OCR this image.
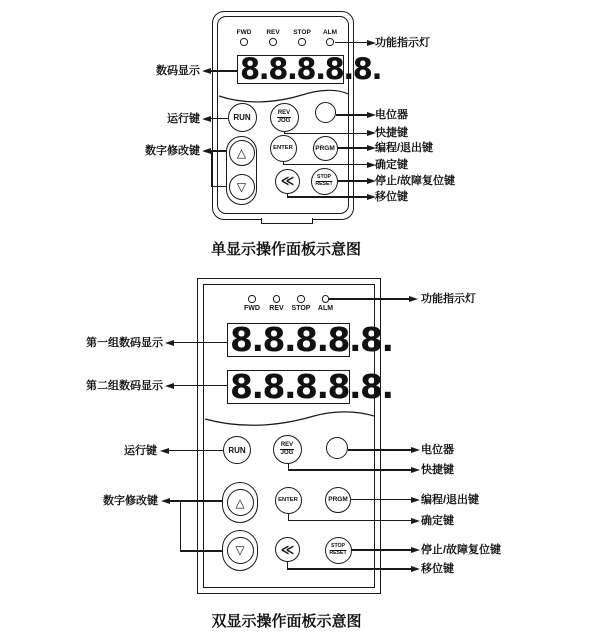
FWD REV STOP ALM
8.8.8.8.8.
RUN	REV
JOG
△
▽
ENTER	PRGM
≪	STOP
RESET
数码显示
运行键
数字修改键
功能指示灯
电位器
快捷键
编程/退出键
确定键
停止/故障复位键
移位键
单显示操作面板示意图
FWD REV STOP ALM
功能指示灯
8.8.8.8.8.
8.8.8.8.8.
第一组数码显示
第二组数码显示
RUN
REV
JOG
△	ENTER	PRGM
▽	≪	STOP
RESET
运行键
数字修改键
电位器
快捷键
编程/退出键
确定键
停止/故障复位键
移位键
双显示操作面板示意图
